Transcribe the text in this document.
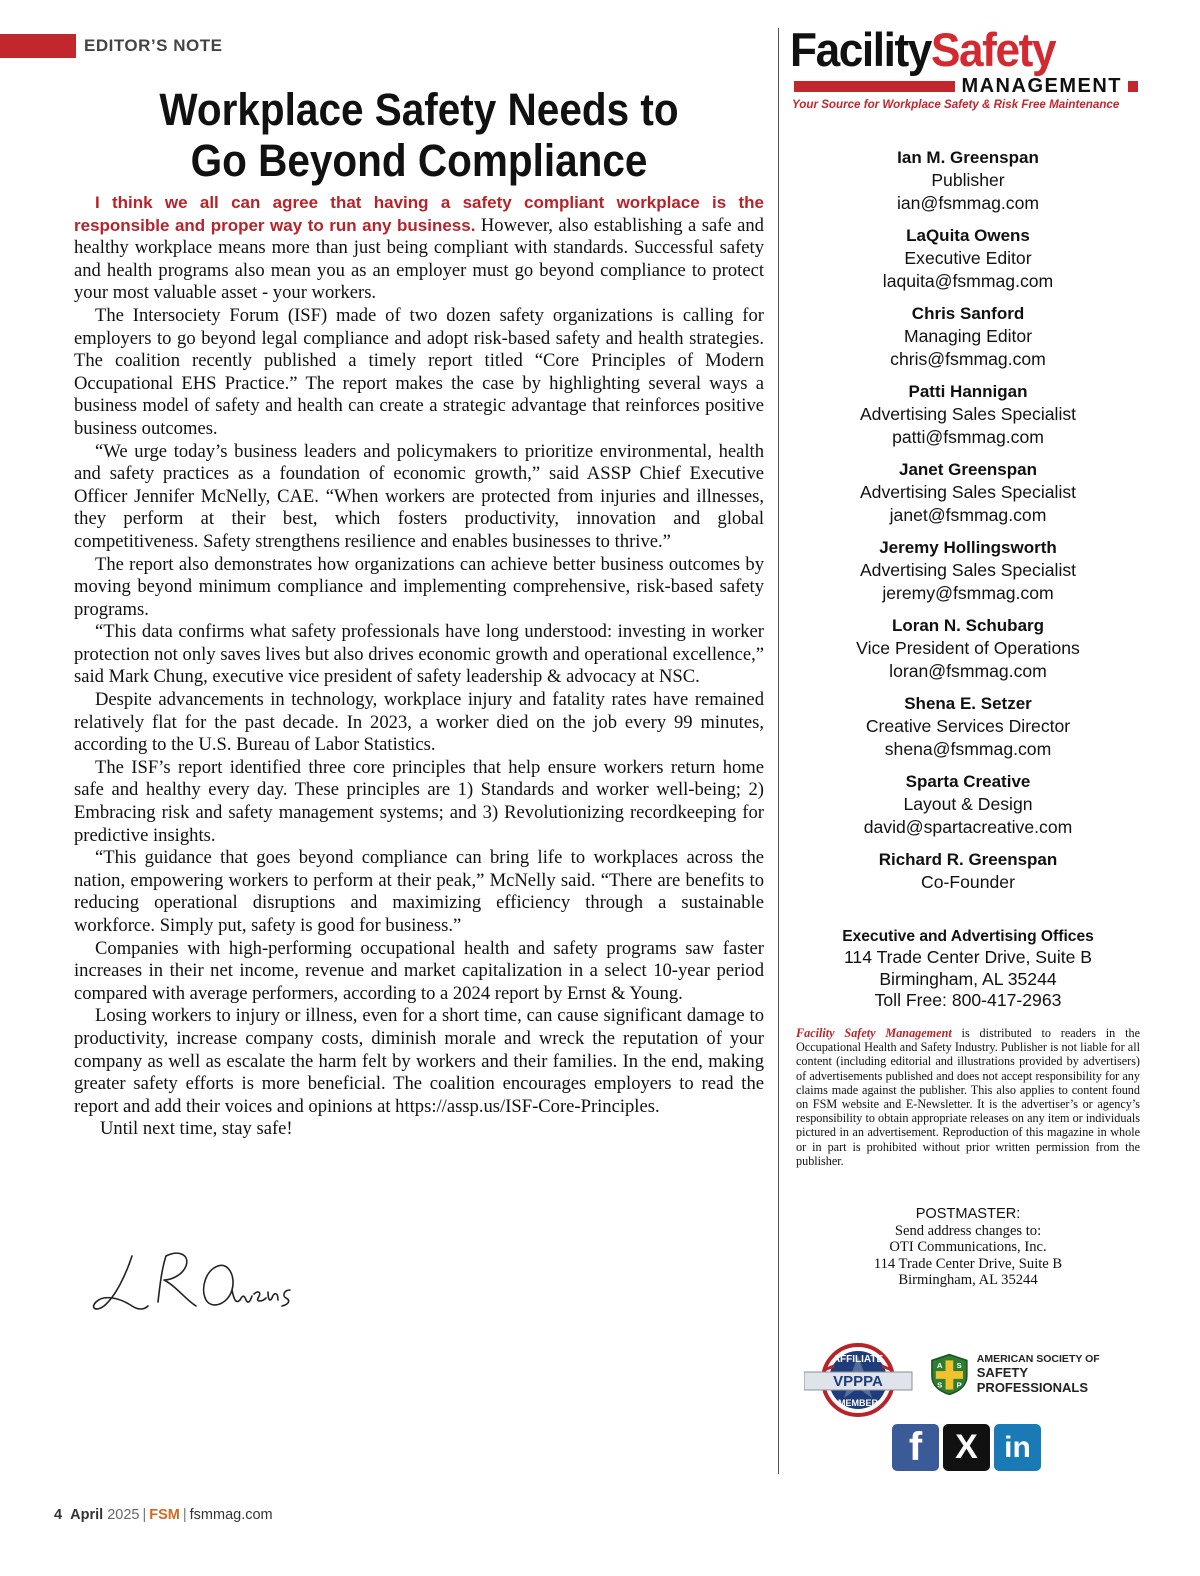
EDITOR’S NOTE
Workplace Safety Needs to
Go Beyond Compliance

I think we all can agree that having a safety compliant workplace is the responsible and proper way to run any business. However, also establishing a safe and healthy workplace means more than just being compliant with standards. Successful safety and health programs also mean you as an employer must go beyond compliance to protect your most valuable asset - your workers.

The Intersociety Forum (ISF) made of two dozen safety organizations is calling for employers to go beyond legal compliance and adopt risk-based safety and health strategies. The coalition recently published a timely report titled “Core Principles of Modern Occupational EHS Practice.” The report makes the case by highlighting several ways a business model of safety and health can create a strategic advantage that reinforces positive business outcomes.

“We urge today’s business leaders and policymakers to prioritize environmental, health and safety practices as a foundation of economic growth,” said ASSP Chief Executive Officer Jennifer McNelly, CAE. “When workers are protected from injuries and illnesses, they perform at their best, which fosters productivity, innovation and global competitiveness. Safety strengthens resilience and enables businesses to thrive.”

The report also demonstrates how organizations can achieve better business outcomes by moving beyond minimum compliance and implementing comprehensive, risk-based safety programs.

“This data confirms what safety professionals have long understood: investing in worker protection not only saves lives but also drives economic growth and operational excellence,” said Mark Chung, executive vice president of safety leadership & advocacy at NSC.

Despite advancements in technology, workplace injury and fatality rates have remained relatively flat for the past decade. In 2023, a worker died on the job every 99 minutes, according to the U.S. Bureau of Labor Statistics.

The ISF’s report identified three core principles that help ensure workers return home safe and healthy every day. These principles are 1) Standards and worker well-being; 2) Embracing risk and safety management systems; and 3) Revolutionizing recordkeeping for predictive insights.

“This guidance that goes beyond compliance can bring life to workplaces across the nation, empowering workers to perform at their peak,” McNelly said. “There are benefits to reducing operational disruptions and maximizing efficiency through a sustainable workforce. Simply put, safety is good for business.”

Companies with high-performing occupational health and safety programs saw faster increases in their net income, revenue and market capitalization in a select 10-year period compared with average performers, according to a 2024 report by Ernst & Young.

Losing workers to injury or illness, even for a short time, can cause significant damage to productivity, increase company costs, diminish morale and wreck the reputation of your company as well as escalate the harm felt by workers and their families. In the end, making greater safety efforts is more beneficial. The coalition encourages employers to read the report and add their voices and opinions at https://assp.us/ISF-Core-Principles.

Until next time, stay safe!

FacilitySafety
MANAGEMENT
Your Source for Workplace Safety & Risk Free Maintenance
Ian M. Greenspan
Publisher
ian@fsmmag.com
LaQuita Owens
Executive Editor
laquita@fsmmag.com
Chris Sanford
Managing Editor
chris@fsmmag.com
Patti Hannigan
Advertising Sales Specialist
patti@fsmmag.com
Janet Greenspan
Advertising Sales Specialist
janet@fsmmag.com
Jeremy Hollingsworth
Advertising Sales Specialist
jeremy@fsmmag.com
Loran N. Schubarg
Vice President of Operations
loran@fsmmag.com
Shena E. Setzer
Creative Services Director
shena@fsmmag.com
Sparta Creative
Layout & Design
david@spartacreative.com
Richard R. Greenspan
Co-Founder
Executive and Advertising Offices
114 Trade Center Drive, Suite B
Birmingham, AL 35244
Toll Free: 800-417-2963
Facility Safety Management is distributed to readers in the Occupational Health and Safety Industry. Publisher is not liable for all content (including editorial and illustrations provided by advertisers) of advertisements published and does not accept responsibility for any claims made against the publisher. This also applies to content found on FSM website and E-Newsletter. It is the advertiser’s or agency’s responsibility to obtain appropriate releases on any item or individuals pictured in an advertisement. Reproduction of this magazine in whole or in part is prohibited without prior written permission from the publisher.
POSTMASTER:
Send address changes to:
OTI Communications, Inc.
114 Trade Center Drive, Suite B
Birmingham, AL 35244
AFFILIATE
VPPPA
MEMBER
A S
S P
AMERICAN SOCIETY OF
SAFETY PROFESSIONALS
f X in
4 April 2025 | FSM | fsmmag.com
